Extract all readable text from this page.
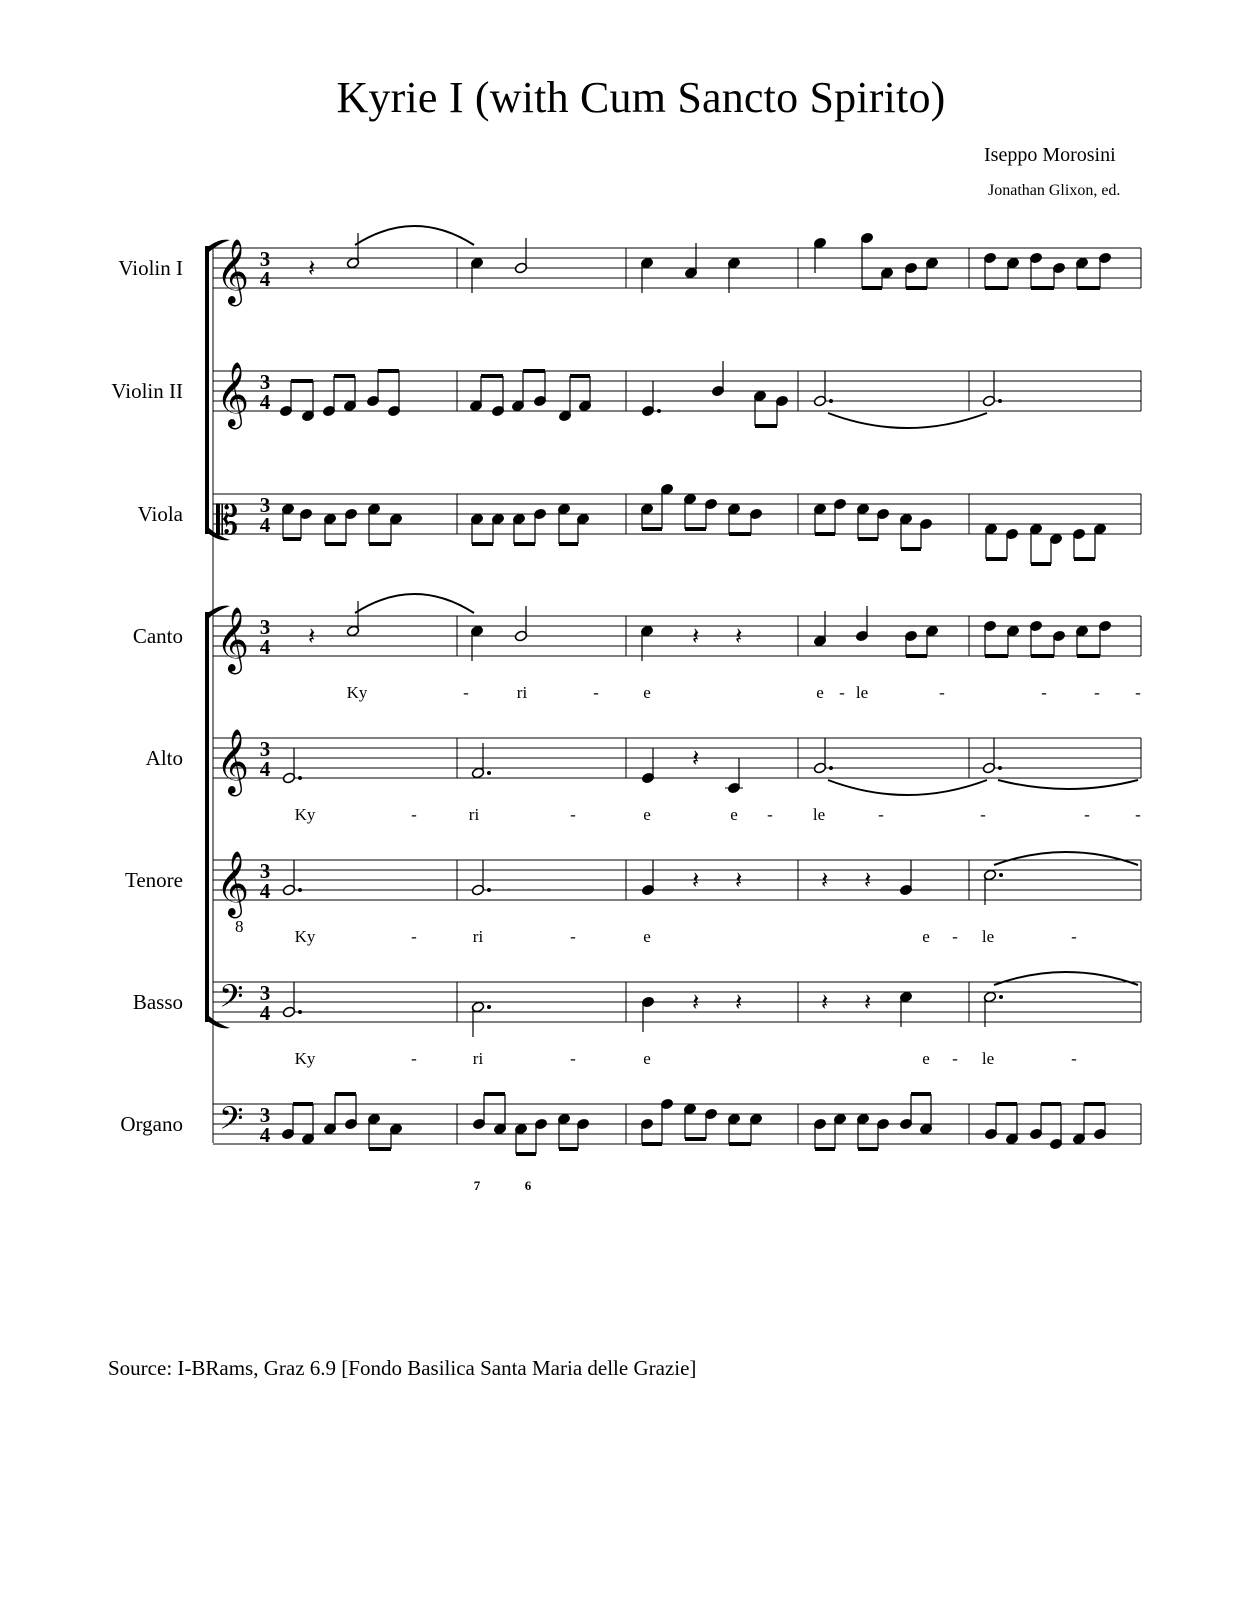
Kyrie I (with Cum Sancto Spirito)
Iseppo Morosini
Jonathan Glixon, ed.
Source: I-BRams, Graz 6.9 [Fondo Basilica Santa Maria delle Grazie]
Violin I 𝄞 3
4
Violin II 𝄞 3
4
Viola 𝄡 3
4
Canto 𝄞 3
4
Alto 𝄞 3
4
Tenore 𝄞
8
3
4
Basso 𝄢 3
4
Organo 𝄢 3
4
𝄽
𝄽	𝄽 𝄽
𝄽
𝄽 𝄽	𝄽 𝄽
𝄽 𝄽	𝄽 𝄽
Ky	-	ri	-	e	e - le	-	-	- -
Ky	-	ri	-	e	e - le	-	-	-	-
Ky	-	ri	-	e	e - le	-
Ky	-	ri	-	e	e - le	-
7	6
